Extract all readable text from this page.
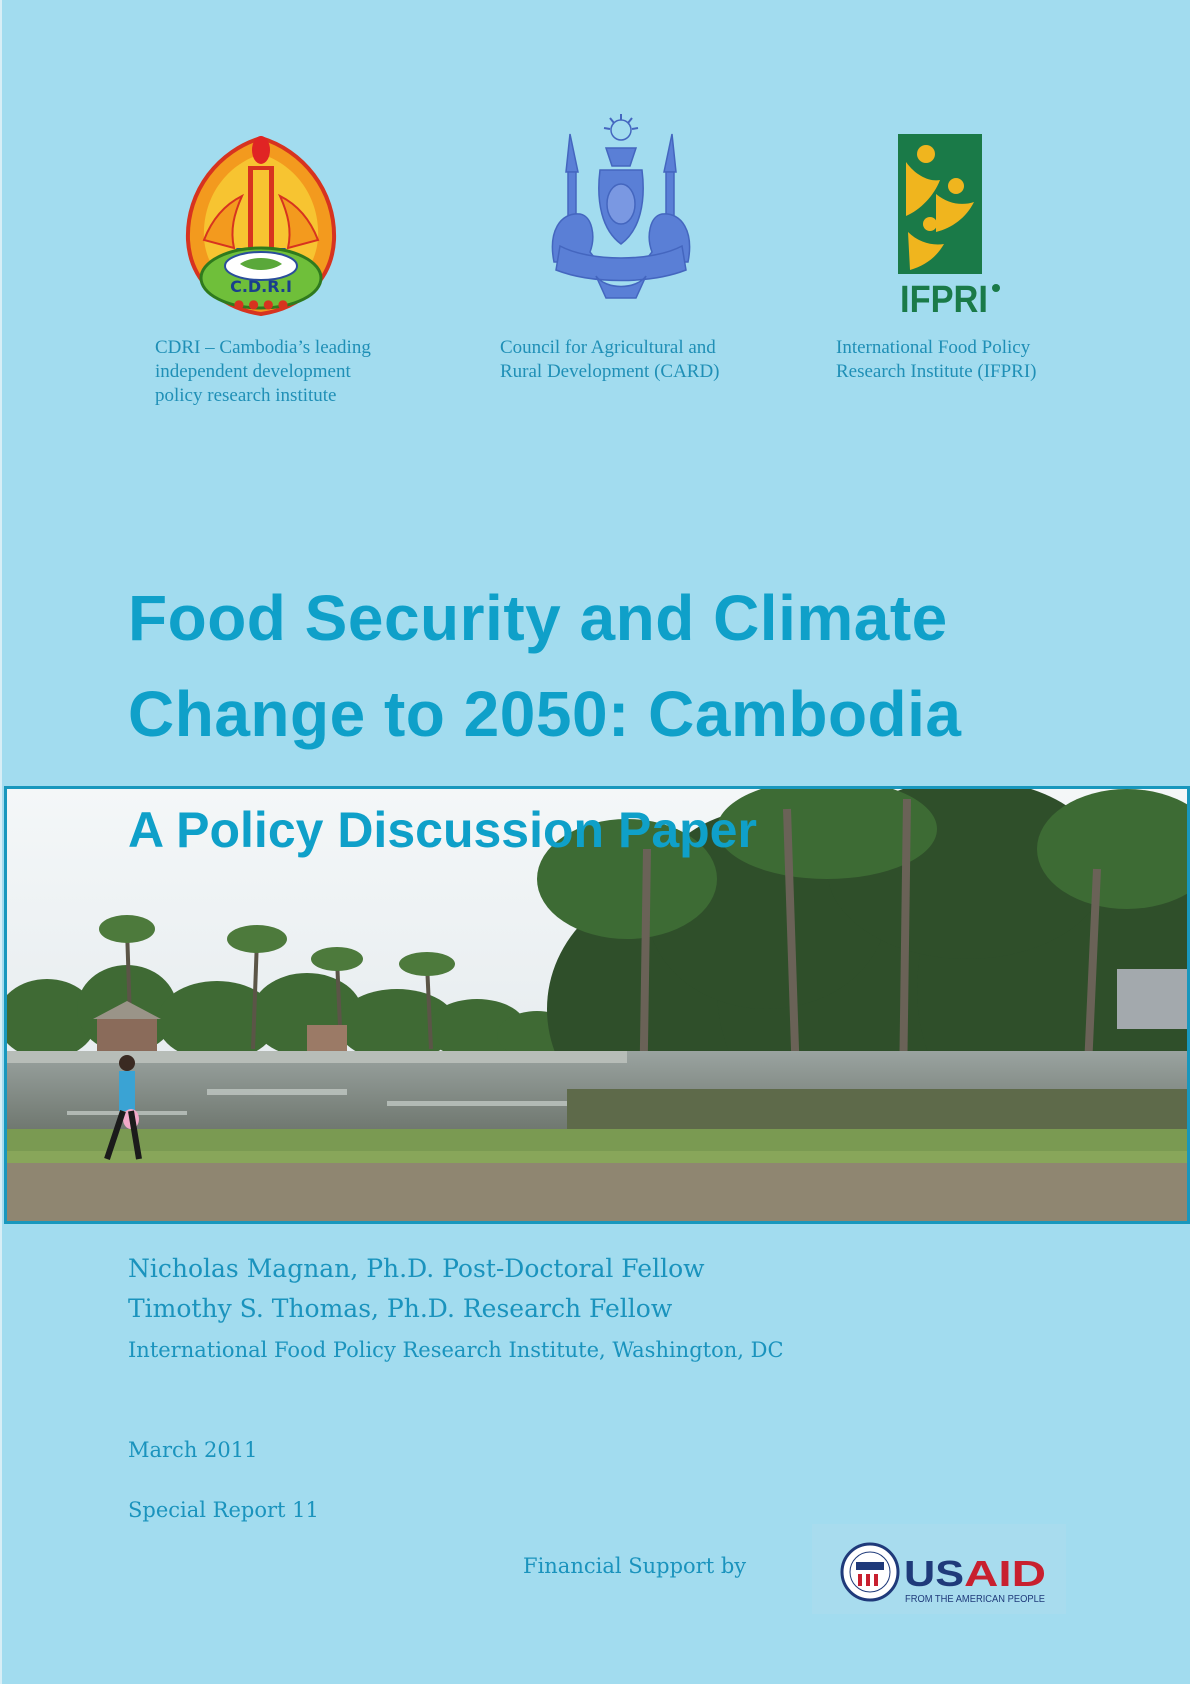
C.D.R.I
● ● ● ●
CDRI – Cambodia’s leading
independent development
policy research institute
Council for Agricultural and
Rural Development (CARD)
IFPRI
International Food Policy
Research Institute (IFPRI)
Food Security and Climate
Change to 2050: Cambodia
A Policy Discussion Paper
Nicholas Magnan, Ph.D. Post-Doctoral Fellow
Timothy S. Thomas, Ph.D. Research Fellow
International Food Policy Research Institute, Washington, DC
March 2011
Special Report 11
Financial Support by	US AID
FROM THE AMERICAN PEOPLE
